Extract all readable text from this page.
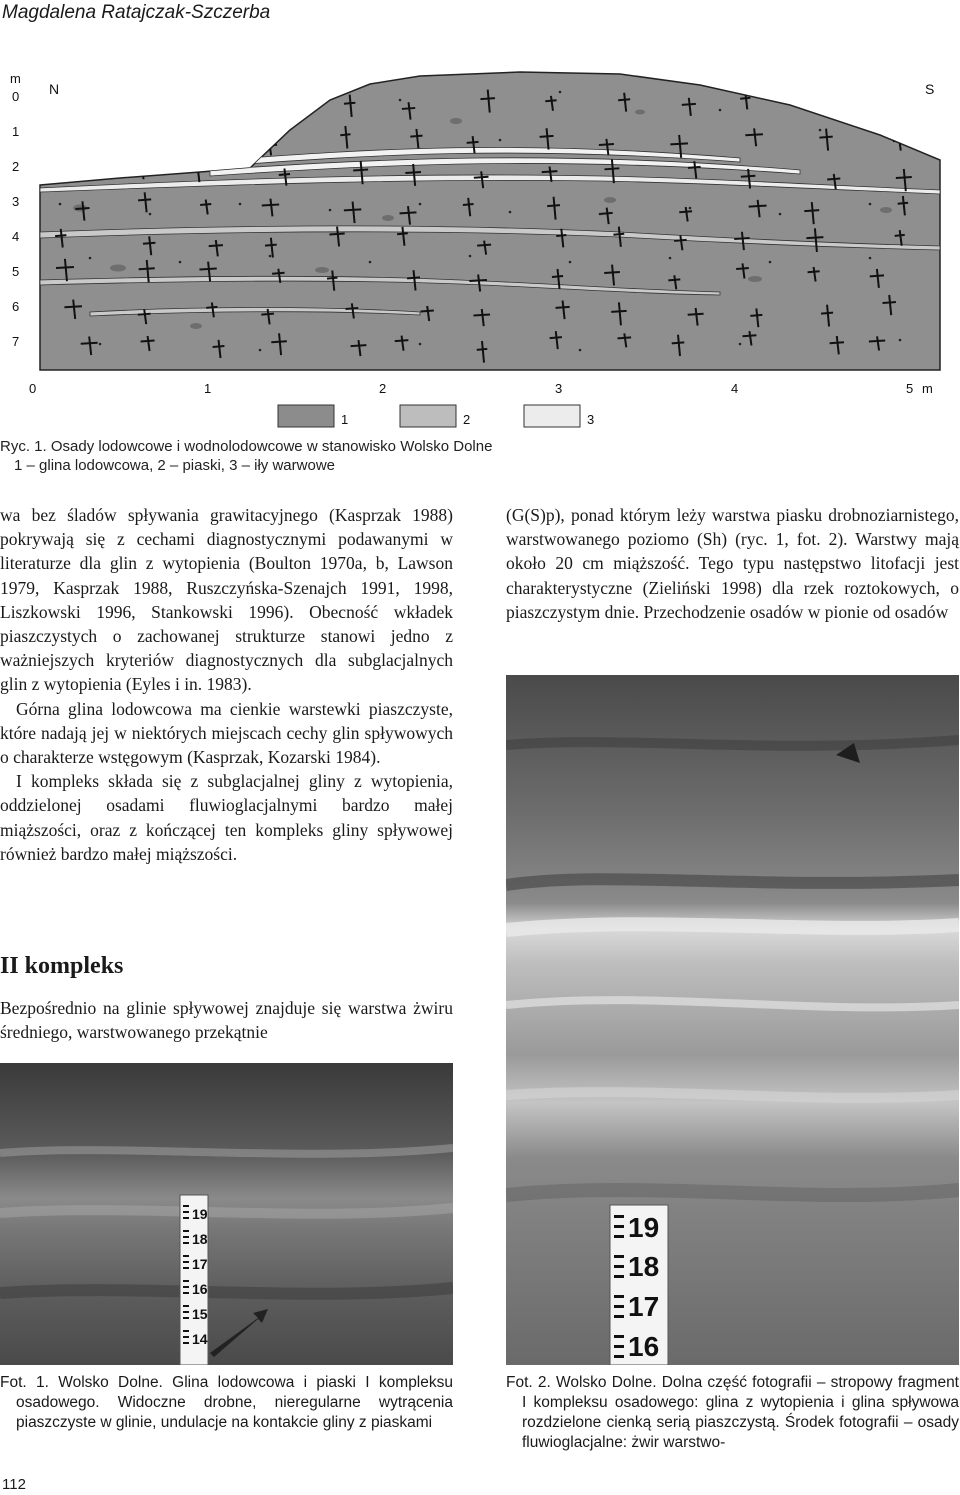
Magdalena Ratajczak-Szczerba
m
0
1
2
3
4
5
6
7
N	S
0	1	2	3	4	5 m
1	2	3
Ryc. 1. Osady lodowcowe i wodnolodowcowe w stanowisko Wolsko Dolne
1 – glina lodowcowa, 2 – piaski, 3 – iły warwowe

wa bez śladów spływania grawitacyjnego (Kasprzak 1988) pokrywają się z cechami diagnostycznymi podawanymi w literaturze dla glin z wytopienia (Boulton 1970a, b, Lawson 1979, Kasprzak 1988, Ruszczyńska-Szenajch 1991, 1998, Liszkowski 1996, Stankowski 1996). Obecność wkładek piaszczystych o zachowanej strukturze stanowi jedno z ważniejszych kryteriów diagnostycznych dla subglacjalnych glin z wytopienia (Eyles i in. 1983).

Górna glina lodowcowa ma cienkie warstewki piaszczyste, które nadają jej w niektórych miejscach cechy glin spływowych o charakterze wstęgowym (Kasprzak, Kozarski 1984).

I kompleks składa się z subglacjalnej gliny z wytopienia, oddzielonej osadami fluwioglacjalnymi bardzo małej miąższości, oraz z kończącej ten kompleks gliny spływowej również bardzo małej miąższości.

II kompleks

Bezpośrednio na glinie spływowej znajduje się warstwa żwiru średniego, warstwowanego przekątnie

(G(S)p), ponad którym leży warstwa piasku drobnoziarnistego, warstwowanego poziomo (Sh) (ryc. 1, fot. 2). Warstwy mają około 20 cm miąższość. Tego typu następstwo litofacji jest charakterystyczne (Zieliński 1998) dla rzek roztokowych, o piaszczystym dnie. Przechodzenie osadów w pionie od osadów

19
18
17
16
19
18
17
16
15
14
Fot. 1. Wolsko Dolne. Glina lodowcowa i piaski I kompleksu osadowego. Widoczne drobne, nieregularne wytrącenia piaszczyste w glinie, undulacje na kontakcie gliny z piaskami
Fot. 2. Wolsko Dolne. Dolna część fotografii – stropowy fragment I kompleksu osadowego: glina z wytopienia i glina spływowa rozdzielone cienką serią piaszczystą. Środek fotografii – osady fluwioglacjalne: żwir warstwo-
112
